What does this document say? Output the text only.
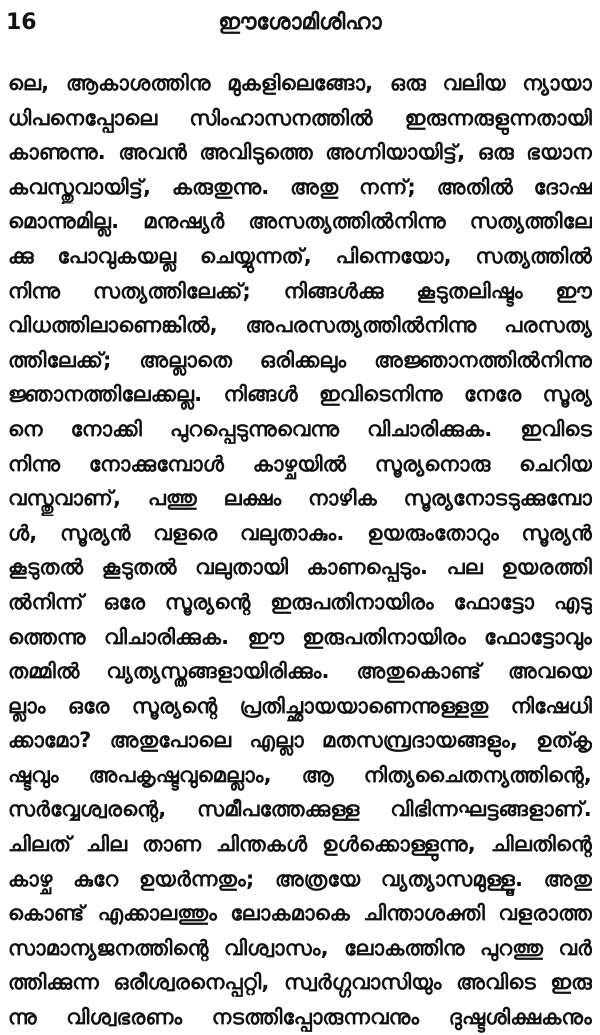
16	ഈശോമിശിഹാ
ലെ, ആകാശത്തിനു മുകളിലെങ്ങോ, ഒരു വലിയ ന്യായാ
ധിപനെപ്പോലെ സിംഹാസനത്തിൽ ഇരുന്നരുളുന്നതായി
കാണുന്നു. അവൻ അവിടുത്തെ അഗ്നിയായിട്ട്, ഒരു ഭയാന
കവസ്തുവായിട്ട്, കരുതുന്നു. അതു നന്ന്; അതിൽ ദോഷ
മൊന്നുമില്ല. മനുഷ്യർ അസത്യത്തിൽനിന്നു സത്യത്തിലേ
ക്കു പോവുകയല്ല ചെയ്യുന്നത്, പിന്നെയോ, സത്യത്തിൽ
നിന്നു സത്യത്തിലേക്ക്; നിങ്ങൾക്കു കൂടുതലിഷ്ടം ഈ
വിധത്തിലാണെങ്കിൽ, അപരസത്യത്തിൽനിന്നു പരസത്യ
ത്തിലേക്ക്; അല്ലാതെ ഒരിക്കലും അജ്ഞാനത്തിൽനിന്നു
ജ്ഞാനത്തിലേക്കല്ല. നിങ്ങൾ ഇവിടെനിന്നു നേരേ സൂര്യ
നെ നോക്കി പുറപ്പെടുന്നുവെന്നു വിചാരിക്കുക. ഇവിടെ
നിന്നു നോക്കുമ്പോൾ കാഴ്ചയിൽ സൂര്യനൊരു ചെറിയ
വസ്തുവാണ്, പത്തു ലക്ഷം നാഴിക സൂര്യനോടടുക്കുമ്പോ
ൾ, സൂര്യൻ വളരെ വലുതാകും. ഉയരുംതോറും സൂര്യൻ
കൂടുതൽ കൂടുതൽ വലുതായി കാണപ്പെടും. പല ഉയരത്തി
ൽനിന്ന് ഒരേ സൂര്യന്റെ ഇരുപതിനായിരം ഫോട്ടോ എടു
ത്തെന്നു വിചാരിക്കുക. ഈ ഇരുപതിനായിരം ഫോട്ടോവും
തമ്മിൽ വ്യത്യസ്തങ്ങളായിരിക്കും. അതുകൊണ്ട് അവയെ
ല്ലാം ഒരേ സൂര്യന്റെ പ്രതിച്ഛായയാണെന്നുള്ളതു നിഷേധി
ക്കാമോ? അതുപോലെ എല്ലാ മതസമ്പ്രദായങ്ങളും, ഉത്കൃ
ഷ്ടവും അപകൃഷ്ടവുമെല്ലാം, ആ നിത്യചൈതന്യത്തിന്റെ,
സർവ്വേശ്വരന്റെ, സമീപത്തേക്കുള്ള വിഭിന്നഘട്ടങ്ങളാണ്.
ചിലത് ചില താണ ചിന്തകൾ ഉൾക്കൊള്ളുന്നു, ചിലതിന്റെ
കാഴ്ച കുറേ ഉയർന്നതും; അത്രയേ വ്യത്യാസമുള്ളൂ. അതു
കൊണ്ട് എക്കാലത്തും ലോകമാകെ ചിന്താശക്തി വളരാത്ത
സാമാന്യജനത്തിന്റെ വിശ്വാസം, ലോകത്തിനു പുറത്തു വർ
ത്തിക്കുന്ന ഒരീശ്വരനെപ്പറ്റി, സ്വർഗ്ഗവാസിയും അവിടെ ഇരു
ന്നു വിശ്വഭരണം നടത്തിപ്പോരുന്നവനും ദുഷ്ടശിക്ഷകനും
